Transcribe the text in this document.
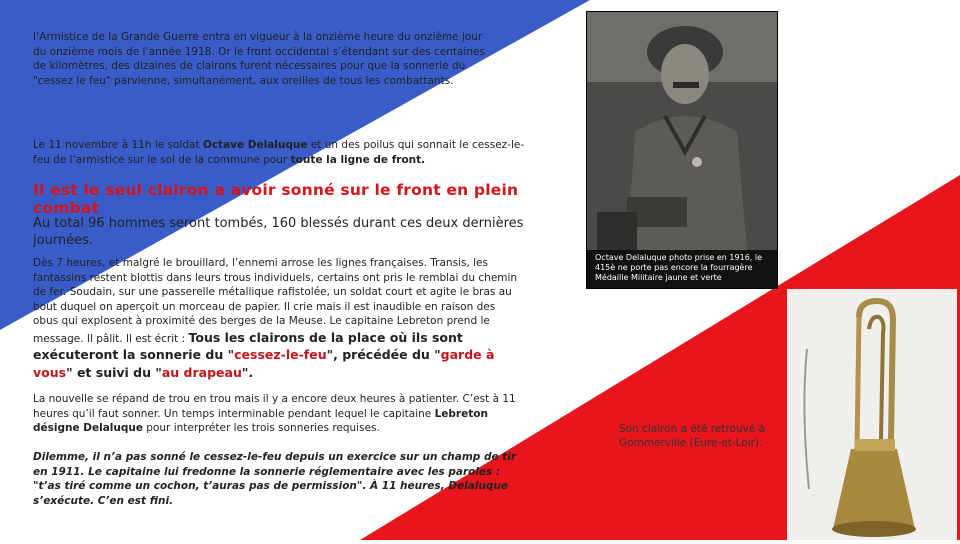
l’Armistice de la Grande Guerre entra en vigueur à la onzième heure du onzième jour du onzième mois de l’année 1918. Or le front occidental s’étendant sur des centaines de kilomètres, des dizaines de clairons furent nécessaires pour que la sonnerie du "cessez le feu" parvienne, simultanément, aux oreilles de tous les combattants.
Le 11 novembre à 11h le soldat Octave Delaluque et un des poilus qui sonnait le cessez-le-feu de l’armistice sur le sol de la commune pour toute la ligne de front.
Il est le seul clairon a avoir sonné sur le front en plein combat
Au total 96 hommes seront tombés, 160 blessés durant ces deux dernières journées.
Dès 7 heures, et malgré le brouillard, l’ennemi arrose les lignes françaises. Transis, les fantassins restent blottis dans leurs trous individuels, certains ont pris le remblai du chemin de fer. Soudain, sur une passerelle métallique rafistolée, un soldat court et agite le bras au bout duquel on aperçoit un morceau de papier. Il crie mais il est inaudible en raison des obus qui explosent à proximité des berges de la Meuse. Le capitaine Lebreton prend le message. Il pâlit. Il est écrit : Tous les clairons de la place où ils sont exécuteront la sonnerie du "cessez-le-feu", précédée du "garde à vous" et suivi du "au drapeau".
La nouvelle se répand de trou en trou mais il y a encore deux heures à patienter. C’est à 11 heures qu’il faut sonner. Un temps interminable pendant lequel le capitaine Lebreton désigne Delaluque pour interpréter les trois sonneries requises.
Dilemme, il n’a pas sonné le cessez-le-feu depuis un exercice sur un champ de tir en 1911. Le capitaine lui fredonne la sonnerie réglementaire avec les paroles : "t’as tiré comme un cochon, t’auras pas de permission". À 11 heures, Delaluque s’exécute. C’en est fini.
Octave Delaluque photo prise en 1916, le 415è ne porte pas encore la fourragère Médaille Militaire jaune et verte
Son clairon a été retrouvé à Gommerville (Eure-et-Loir).
